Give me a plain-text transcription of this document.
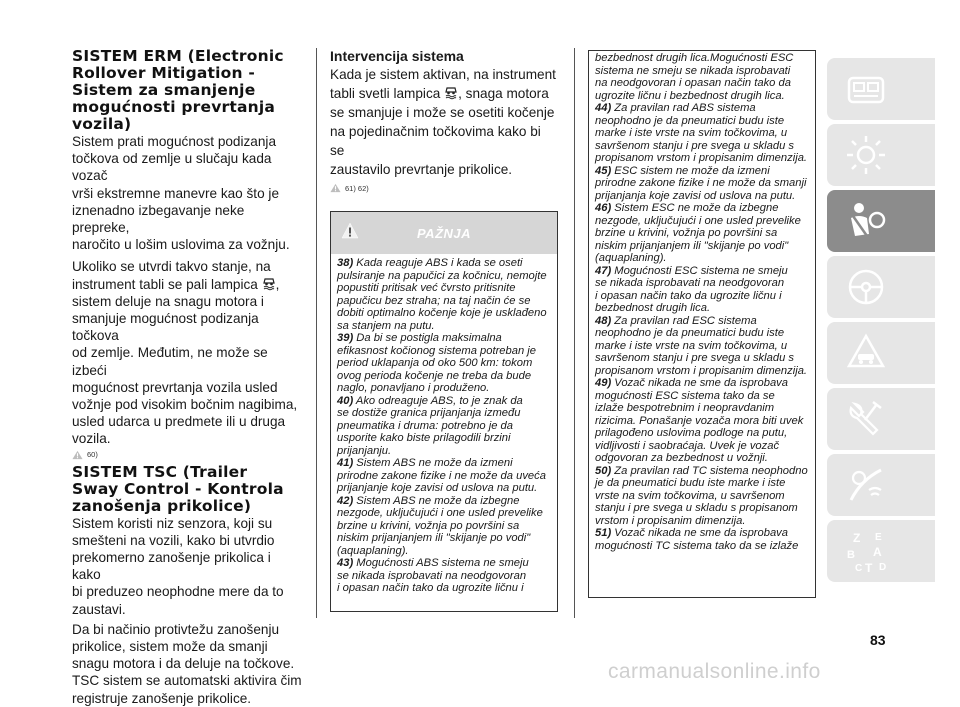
SISTEM ERM (Electronic
Rollover Mitigation -
Sistem za smanjenje
mogućnosti prevrtanja
vozila)
Sistem prati mogućnost podizanja
točkova od zemlje u slučaju kada vozač
vrši ekstremne manevre kao što je
iznenadno izbegavanje neke prepreke,
naročito u lošim uslovima za vožnju.
Ukoliko se utvrdi takvo stanje, na
instrument tabli se pali lampica ,
sistem deluje na snagu motora i
smanjuje mogućnost podizanja točkova
od zemlje. Međutim, ne može se izbeći
mogućnost prevrtanja vozila usled
vožnje pod visokim bočnim nagibima,
usled udarca u predmete ili u druga
vozila.
60)
SISTEM TSC (Trailer
Sway Control - Kontrola
zanošenja prikolice)
Sistem koristi niz senzora, koji su
smešteni na vozili, kako bi utvrdio
prekomerno zanošenje prikolica i kako
bi preduzeo neophodne mere da to
zaustavi.
Da bi načinio protivtežu zanošenju
prikolice, sistem može da smanji
snagu motora i da deluje na točkove.
TSC sistem se automatski aktivira čim
registruje zanošenje prikolice.
Intervencija sistema
Kada je sistem aktivan, na instrument
tabli svetli lampica , snaga motora
se smanjuje i može se osetiti kočenje
na pojedinačnim točkovima kako bi se
zaustavilo prevrtanje prikolice.
61) 62)
PAŽNJA
38) Kada reaguje ABS i kada se oseti
pulsiranje na papučici za kočnicu, nemojte
popustiti pritisak već čvrsto pritisnite
papučicu bez straha; na taj način će se
dobiti optimalno kočenje koje je usklađeno
sa stanjem na putu.
39) Da bi se postigla maksimalna
efikasnost kočionog sistema potreban je
period uklapanja od oko 500 km: tokom
ovog perioda kočenje ne treba da bude
naglo, ponavljano i produženo.
40) Ako odreaguje ABS, to je znak da
se dostiže granica prijanjanja između
pneumatika i druma: potrebno je da
usporite kako biste prilagodili brzini
prijanjanju.
41) Sistem ABS ne može da izmeni
prirodne zakone fizike i ne može da uveća
prijanjanje koje zavisi od uslova na putu.
42) Sistem ABS ne može da izbegne
nezgode, uključujući i one usled prevelike
brzine u krivini, vožnja po površini sa
niskim prijanjanjem ili "skijanje po vodi"
(aquaplaning).
43) Mogućnosti ABS sistema ne smeju
se nikada isprobavati na neodgovoran
i opasan način tako da ugrozite ličnu i
bezbednost drugih lica.Mogućnosti ESC
sistema ne smeju se nikada isprobavati
na neodgovoran i opasan način tako da
ugrozite ličnu i bezbednost drugih lica.
44) Za pravilan rad ABS sistema
neophodno je da pneumatici budu iste
marke i iste vrste na svim točkovima, u
savršenom stanju i pre svega u skladu s
propisanom vrstom i propisanim dimenzija.
45) ESC sistem ne može da izmeni
prirodne zakone fizike i ne može da smanji
prijanjanja koje zavisi od uslova na putu.
46) Sistem ESC ne može da izbegne
nezgode, uključujući i one usled prevelike
brzine u krivini, vožnja po površini sa
niskim prijanjanjem ili "skijanje po vodi"
(aquaplaning).
47) Mogućnosti ESC sistema ne smeju
se nikada isprobavati na neodgovoran
i opasan način tako da ugrozite ličnu i
bezbednost drugih lica.
48) Za pravilan rad ESC sistema
neophodno je da pneumatici budu iste
marke i iste vrste na svim točkovima, u
savršenom stanju i pre svega u skladu s
propisanom vrstom i propisanim dimenzija.
49) Vozač nikada ne sme da isprobava
mogućnosti ESC sistema tako da se
izlaže bespotrebnim i neopravdanim
rizicima. Ponašanje vozača mora biti uvek
prilagođeno uslovima podloge na putu,
vidljivosti i saobraćaja. Uvek je vozač
odgovoran za bezbednost u vožnji.
50) Za pravilan rad TC sistema neophodno
je da pneumatici budu iste marke i iste
vrste na svim točkovima, u savršenom
stanju i pre svega u skladu s propisanom
vrstom i propisanim dimenzija.
51) Vozač nikada ne sme da isprobava
mogućnosti TC sistema tako da se izlaže
Z E
B A
C T D
83
carmanualsonline.info
